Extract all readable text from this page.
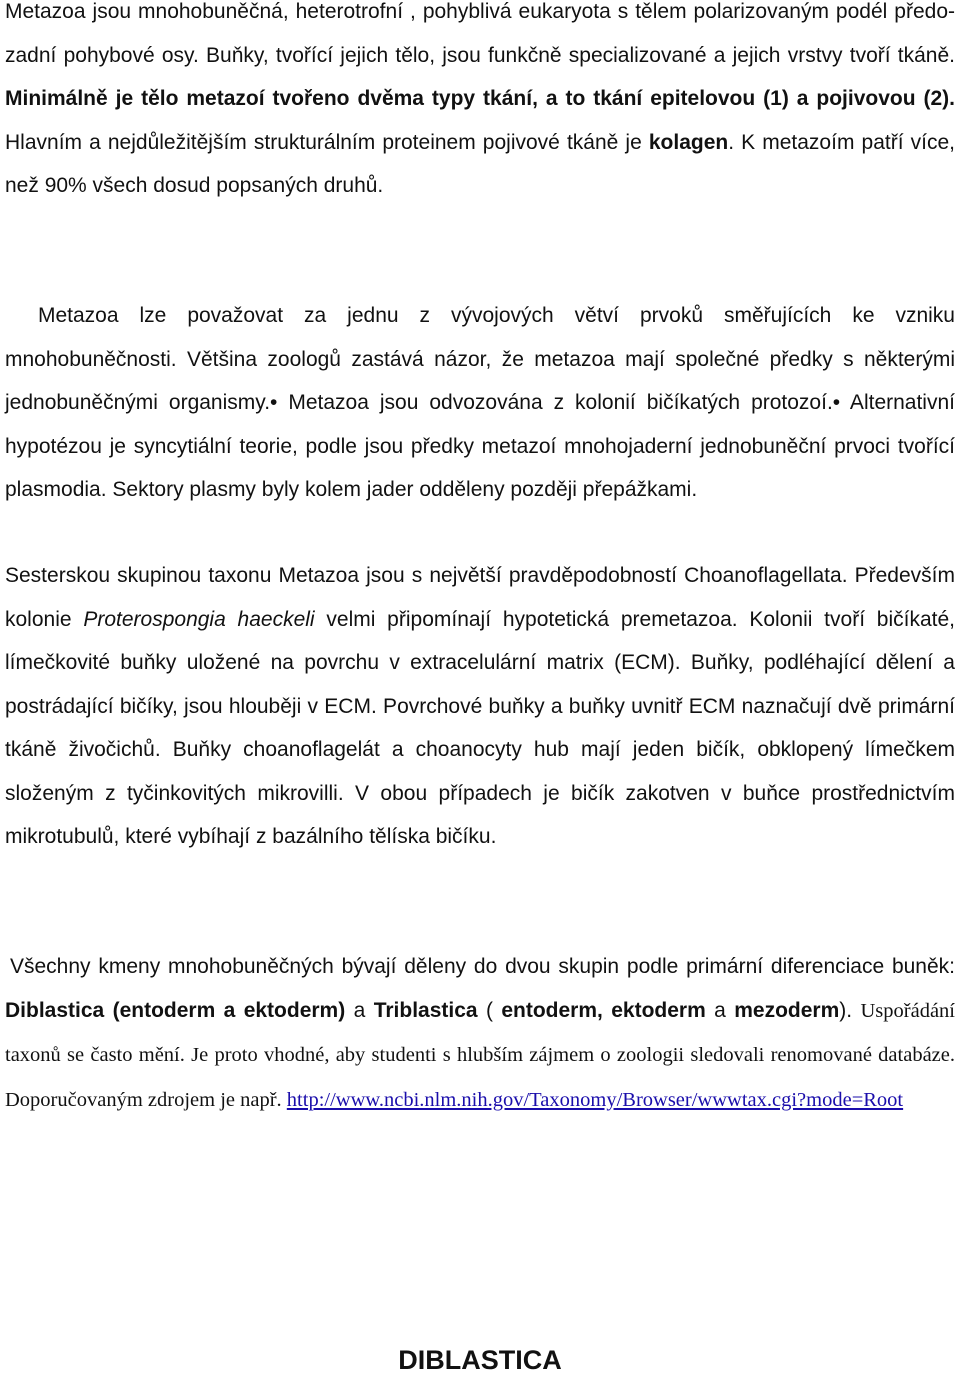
Metazoa jsou mnohobuněčná, heterotrofní , pohyblivá eukaryota s tělem polarizovaným podél předo-zadní pohybové osy. Buňky, tvořící jejich tělo, jsou funkčně specializované a jejich vrstvy tvoří tkáně. Minimálně je tělo metazoí tvořeno dvěma typy tkání, a to tkání epitelovou (1) a pojivovou (2). Hlavním a nejdůležitějším strukturálním proteinem pojivové tkáně je kolagen. K metazoím patří více, než 90% všech dosud popsaných druhů.

Metazoa lze považovat za jednu z vývojových větví prvoků směřujících ke vzniku mnohobuněčnosti. Většina zoologů zastává názor, že metazoa mají společné předky s některými jednobuněčnými organismy.• Metazoa jsou odvozována z kolonií bičíkatých protozoí.• Alternativní hypotézou je syncytiální teorie, podle jsou předky metazoí mnohojaderní jednobuněční prvoci tvořící plasmodia. Sektory plasmy byly kolem jader odděleny později přepážkami.

Sesterskou skupinou taxonu Metazoa jsou s největší pravděpodobností Choanoflagellata. Především kolonie Proterospongia haeckeli velmi připomínají hypotetická premetazoa. Kolonii tvoří bičíkaté, límečkovité buňky uložené na povrchu v extracelulární matrix (ECM). Buňky, podléhající dělení a postrádající bičíky, jsou hlouběji v ECM. Povrchové buňky a buňky uvnitř ECM naznačují dvě primární tkáně živočichů. Buňky choanoflagelát a choanocyty hub mají jeden bičík, obklopený límečkem složeným z tyčinkovitých mikrovilli. V obou případech je bičík zakotven v buňce prostřednictvím mikrotubulů, které vybíhají z bazálního tělíska bičíku.

Všechny kmeny mnohobuněčných bývají děleny do dvou skupin podle primární diferenciace buněk: Diblastica (entoderm a ektoderm) a Triblastica ( entoderm, ektoderm a mezoderm). Uspořádání taxonů se často mění. Je proto vhodné, aby studenti s hlubším zájmem o zoologii sledovali renomované databáze. Doporučovaným zdrojem je např. http://www.ncbi.nlm.nih.gov/Taxonomy/Browser/wwwtax.cgi?mode=Root

DIBLASTICA
